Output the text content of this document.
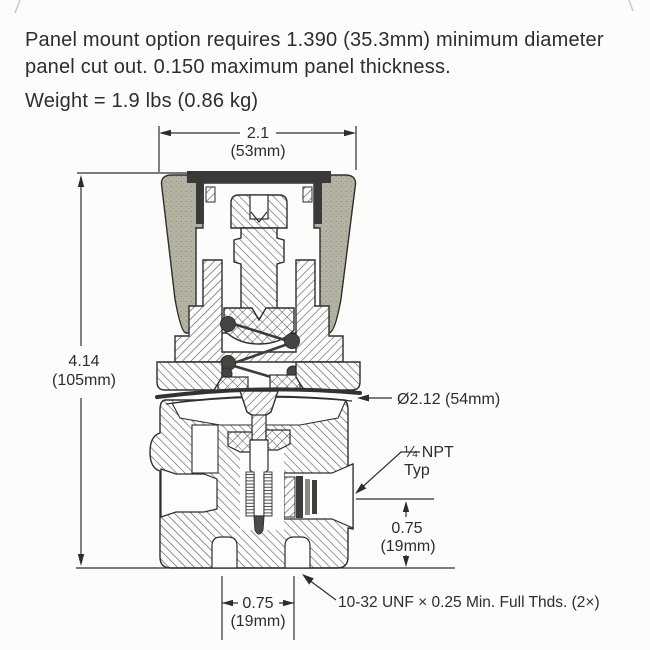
Panel mount option requires 1.390 (35.3mm) minimum diameter
panel cut out. 0.150 maximum panel thickness.
Weight = 1.9 lbs (0.86 kg)
2.1
(53mm)
4.14
(105mm)
Ø2.12 (54mm)
¼ NPT
Typ
0.75
(19mm)
0.75
(19mm)
10-32 UNF × 0.25 Min. Full Thds. (2×)
